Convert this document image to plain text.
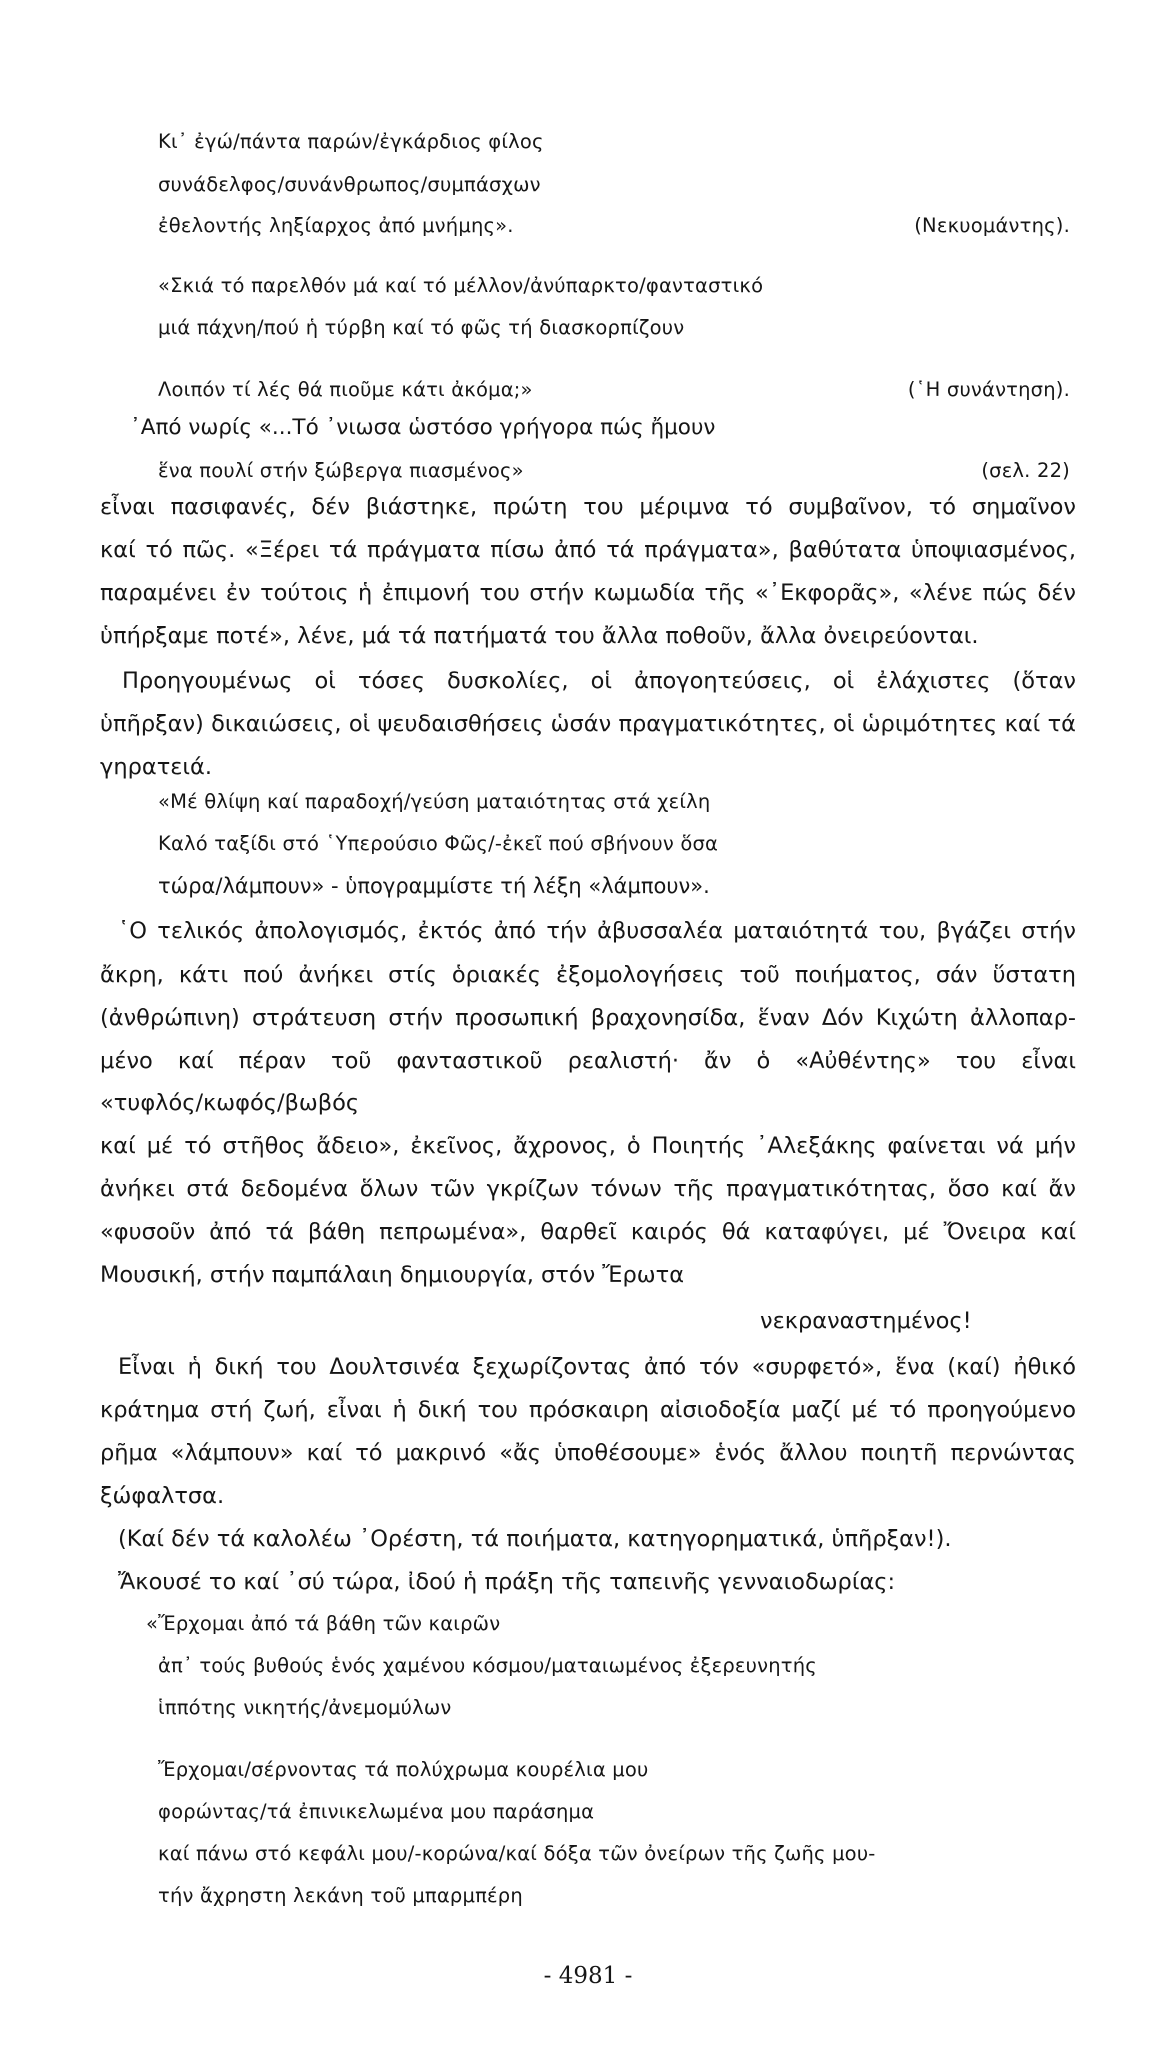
Κι᾿ ἐγώ/πάντα παρών/ἐγκάρδιος φίλος
συνάδελφος/συνάνθρωπος/συμπάσχων
ἐθελοντής ληξίαρχος ἀπό μνήμης».	(Νεκυομάντης).
«Σκιά τό παρελθόν μά καί τό μέλλον/ἀνύπαρκτο/φανταστικό
μιά πάχνη/πού ἡ τύρβη καί τό φῶς τή διασκορπίζουν
Λοιπόν τί λές θά πιοῦμε κάτι ἀκόμα;»	(῾Η συνάντηση).
᾿Από νωρίς «...Τό ᾿νιωσα ὡστόσο γρήγορα πώς ἤμουν
ἕνα πουλί στήν ξώβεργα πιασμένος»	(σελ. 22)
εἶναι πασιφανές, δέν βιάστηκε, πρώτη του μέριμνα τό συμβαῖνον, τό σημαῖνον
καί τό πῶς. «Ξέρει τά πράγματα πίσω ἀπό τά πράγματα», βαθύτατα ὑποψιασμένος,
παραμένει ἐν τούτοις ἡ ἐπιμονή του στήν κωμωδία τῆς «᾿Εκφορᾶς», «λένε πώς δέν
ὑπήρξαμε ποτέ», λένε, μά τά πατήματά του ἄλλα ποθοῦν, ἄλλα ὀνειρεύονται.
Προηγουμένως οἱ τόσες δυσκολίες, οἱ ἀπογοητεύσεις, οἱ ἐλάχιστες (ὅταν
ὑπῆρξαν) δικαιώσεις, οἱ ψευδαισθήσεις ὡσάν πραγματικότητες, οἱ ὡριμότητες καί τά
γηρατειά.
«Μέ θλίψη καί παραδοχή/γεύση ματαιότητας στά χείλη
Καλό ταξίδι στό ῾Υπερούσιο Φῶς/-ἐκεῖ πού σβήνουν ὅσα
τώρα/λάμπουν» - ὑπογραμμίστε τή λέξη «λάμπουν».
῾Ο τελικός ἀπολογισμός, ἐκτός ἀπό τήν ἀβυσσαλέα ματαιότητά του, βγάζει στήν
ἄκρη, κάτι πού ἀνήκει στίς ὁριακές ἐξομολογήσεις τοῦ ποιήματος, σάν ὕστατη
(ἀνθρώπινη) στράτευση στήν προσωπική βραχονησίδα, ἕναν Δόν Κιχώτη ἀλλοπαρ-
μένο καί πέραν τοῦ φανταστικοῦ ρεαλιστή· ἄν ὁ «Αὐθέντης» του εἶναι
«τυφλός/κωφός/βωβός
καί μέ τό στῆθος ἄδειο», ἐκεῖνος, ἄχρονος, ὁ Ποιητής ᾿Αλεξάκης φαίνεται νά μήν
ἀνήκει στά δεδομένα ὅλων τῶν γκρίζων τόνων τῆς πραγματικότητας, ὅσο καί ἄν
«φυσοῦν ἀπό τά βάθη πεπρωμένα», θαρθεῖ καιρός θά καταφύγει, μέ Ὄνειρα καί
Μουσική, στήν παμπάλαιη δημιουργία, στόν Ἔρωτα
νεκραναστημένος!
Εἶναι ἡ δική του Δουλτσινέα ξεχωρίζοντας ἀπό τόν «συρφετό», ἕνα (καί) ἠθικό
κράτημα στή ζωή, εἶναι ἡ δική του πρόσκαιρη αἰσιοδοξία μαζί μέ τό προηγούμενο
ρῆμα «λάμπουν» καί τό μακρινό «ἄς ὑποθέσουμε» ἑνός ἄλλου ποιητῆ περνώντας
ξώφαλτσα.
(Καί δέν τά καλολέω ᾿Ορέστη, τά ποιήματα, κατηγορηματικά, ὑπῆρξαν!).
Ἄκουσέ το καί ᾿σύ τώρα, ἰδού ἡ πράξη τῆς ταπεινῆς γενναιοδωρίας:
«Ἔρχομαι ἀπό τά βάθη τῶν καιρῶν
ἀπ᾿ τούς βυθούς ἑνός χαμένου κόσμου/ματαιωμένος ἐξερευνητής
ἱππότης νικητής/ἀνεμομύλων
Ἔρχομαι/σέρνοντας τά πολύχρωμα κουρέλια μου
φορώντας/τά ἐπινικελωμένα μου παράσημα
καί πάνω στό κεφάλι μου/-κορώνα/καί δόξα τῶν ὀνείρων τῆς ζωῆς μου-
τήν ἄχρηστη λεκάνη τοῦ μπαρμπέρη
- 4981 -
